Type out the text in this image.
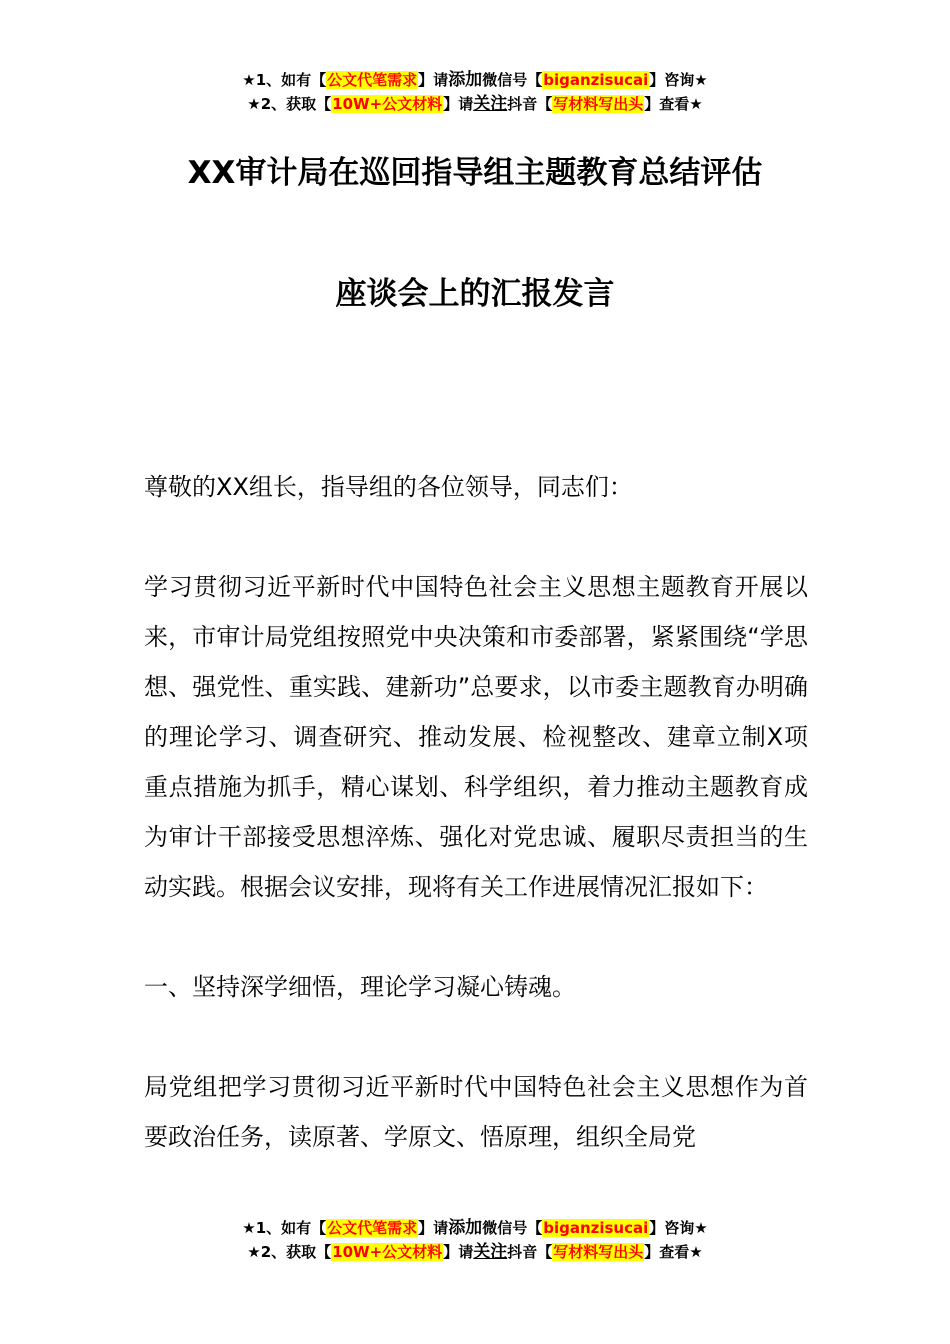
★1、如有【公文代笔需求】请添加微信号【biganzisucai】咨询★
★2、获取【10W+公文材料】请关注抖音【写材料写出头】查看★
XX审计局在巡回指导组主题教育总结评估
座谈会上的汇报发言

尊敬的XX组长，指导组的各位领导，同志们：

学习贯彻习近平新时代中国特色社会主义思想主题教育开展以来，市审计局党组按照党中央决策和市委部署，紧紧围绕“学思想、强党性、重实践、建新功”总要求，以市委主题教育办明确的理论学习、调查研究、推动发展、检视整改、建章立制X项重点措施为抓手，精心谋划、科学组织，着力推动主题教育成为审计干部接受思想淬炼、强化对党忠诚、履职尽责担当的生动实践。根据会议安排，现将有关工作进展情况汇报如下：

一、坚持深学细悟，理论学习凝心铸魂。

局党组把学习贯彻习近平新时代中国特色社会主义思想作为首要政治任务，读原著、学原文、悟原理，组织全局党

★1、如有【公文代笔需求】请添加微信号【biganzisucai】咨询★
★2、获取【10W+公文材料】请关注抖音【写材料写出头】查看★
